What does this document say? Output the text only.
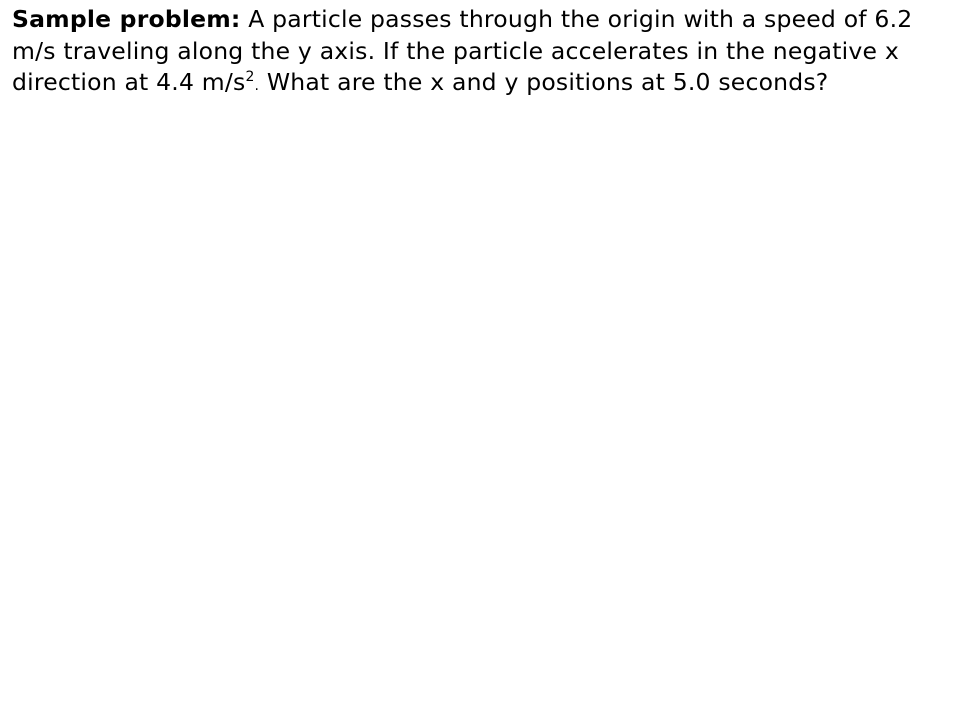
Sample problem: A particle passes through the origin with a speed of 6.2 m/s traveling along the y axis. If the particle accelerates in the negative x direction at 4.4 $m/s^2$. What are the x and y positions at 5.0 seconds?
